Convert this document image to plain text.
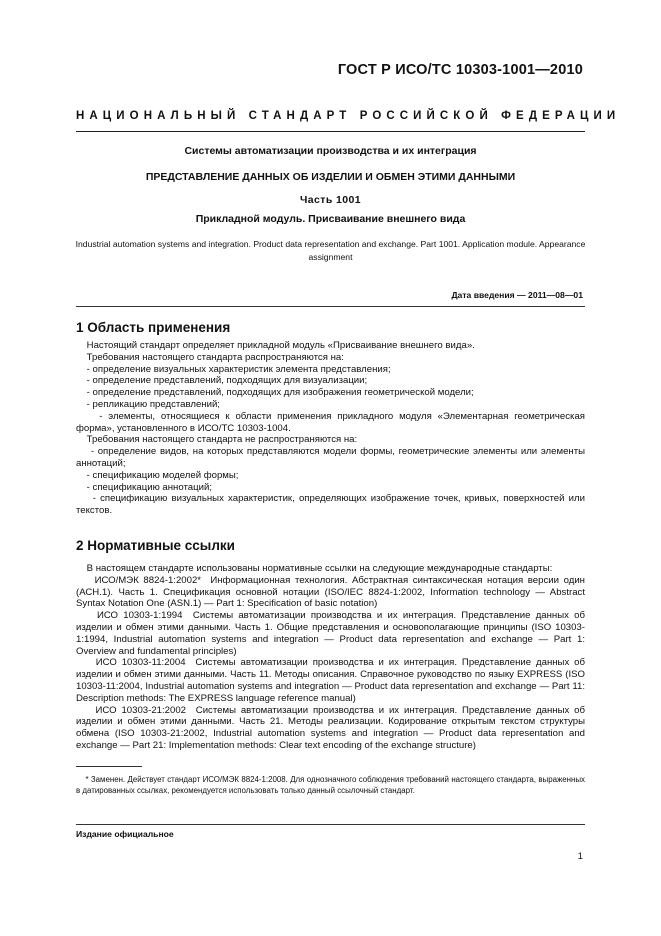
ГОСТ Р ИСО/ТС 10303-1001—2010
НАЦИОНАЛЬНЫЙ СТАНДАРТ РОССИЙСКОЙ ФЕДЕРАЦИИ
Системы автоматизации производства и их интеграция
ПРЕДСТАВЛЕНИЕ ДАННЫХ ОБ ИЗДЕЛИИ И ОБМЕН ЭТИМИ ДАННЫМИ
Часть 1001
Прикладной модуль. Присваивание внешнего вида
Industrial automation systems and integration. Product data representation and exchange. Part 1001. Application module. Appearance assignment
Дата введения — 2011—08—01
1 Область применения

Настоящий стандарт определяет прикладной модуль «Присваивание внешнего вида».

Требования настоящего стандарта распространяются на:

- определение визуальных характеристик элемента представления;

- определение представлений, подходящих для визуализации;

- определение представлений, подходящих для изображения геометрической модели;

- репликацию представлений;

- элементы, относящиеся к области применения прикладного модуля «Элементарная геометрическая форма», установленного в ИСО/ТС 10303-1004.

Требования настоящего стандарта не распространяются на:

- определение видов, на которых представляются модели формы, геометрические элементы или элементы аннотаций;

- спецификацию моделей формы;

- спецификацию аннотаций;

- спецификацию визуальных характеристик, определяющих изображение точек, кривых, поверхностей или текстов.

2 Нормативные ссылки

В настоящем стандарте использованы нормативные ссылки на следующие международные стандарты:

ИСО/МЭК 8824-1:2002*  Информационная технология. Абстрактная синтаксическая нотация версии один (АСН.1). Часть 1. Спецификация основной нотации (ISO/IEC 8824-1:2002, Information technology — Abstract Syntax Notation One (ASN.1) — Part 1: Specification of basic notation)

ИСО 10303-1:1994  Системы автоматизации производства и их интеграция. Представление данных об изделии и обмен этими данными. Часть 1. Общие представления и основополагающие принципы (ISO 10303-1:1994, Industrial automation systems and integration — Product data representation and exchange — Part 1: Overview and fundamental principles)

ИСО 10303-11:2004  Системы автоматизации производства и их интеграция. Представление данных об изделии и обмен этими данными. Часть 11. Методы описания. Справочное руководство по языку EXPRESS (ISO 10303-11:2004, Industrial automation systems and integration — Product data representation and exchange — Part 11: Description methods: The EXPRESS language reference manual)

ИСО 10303-21:2002  Системы автоматизации производства и их интеграция. Представление данных об изделии и обмен этими данными. Часть 21. Методы реализации. Кодирование открытым текстом структуры обмена (ISO 10303-21:2002, Industrial automation systems and integration — Product data representation and exchange — Part 21: Implementation methods: Clear text encoding of the exchange structure)

* Заменен. Действует стандарт ИСО/МЭК 8824-1:2008. Для однозначного соблюдения требований настоящего стандарта, выраженных в датированных ссылках, рекомендуется использовать только данный ссылочный стандарт.

Издание официальное
1
